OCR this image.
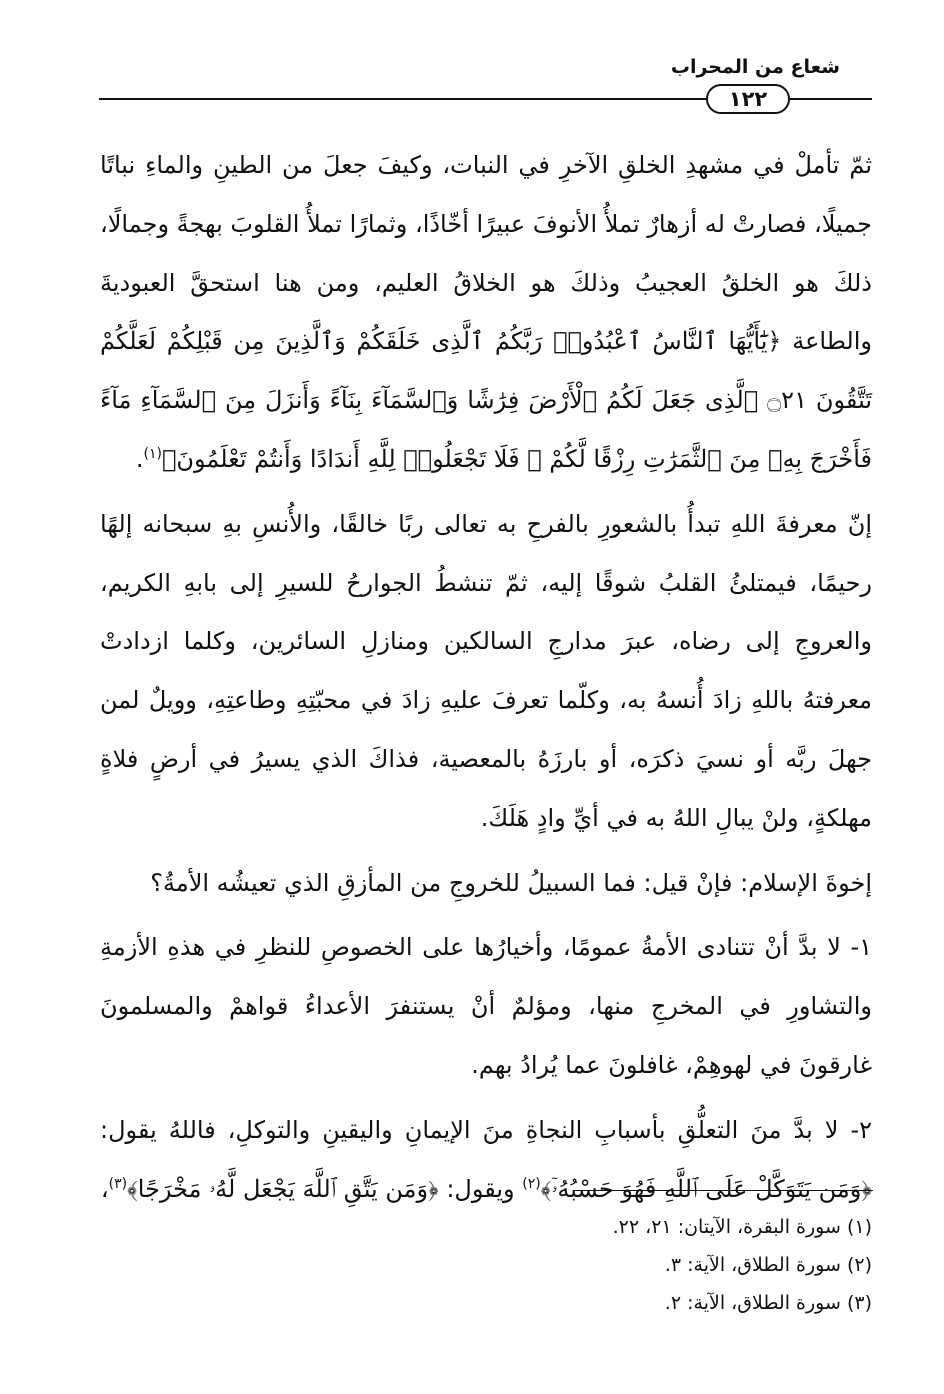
شعاع من المحراب
١٢٢

ثمّ تأملْ في مشهدِ الخلقِ الآخرِ في النبات، وكيفَ جعلَ من الطينِ والماءِ نباتًا جميلًا، فصارتْ له أزهارٌ تملأُ الأنوفَ عبيرًا أخّاذًا، وثمارًا تملأُ القلوبَ بهجةً وجمالًا، ذلكَ هو الخلقُ العجيبُ وذلكَ هو الخلاقُ العليم، ومن هنا استحقَّ العبوديةَ والطاعة ﴿يَٰٓأَيُّهَا ٱلنَّاسُ ٱعْبُدُوا۟ رَبَّكُمُ ٱلَّذِى خَلَقَكُمْ وَٱلَّذِينَ مِن قَبْلِكُمْ لَعَلَّكُمْ تَتَّقُونَ ۝٢١ ٱلَّذِى جَعَلَ لَكُمُ ٱلْأَرْضَ فِرَٰشًا وَٱلسَّمَآءَ بِنَآءً وَأَنزَلَ مِنَ ٱلسَّمَآءِ مَآءً فَأَخْرَجَ بِهِۦ مِنَ ٱلثَّمَرَٰتِ رِزْقًا لَّكُمْ ۖ فَلَا تَجْعَلُوا۟ لِلَّهِ أَندَادًا وَأَنتُمْ تَعْلَمُونَ﴾$^{(١)}$.

إنّ معرفةَ اللهِ تبدأُ بالشعورِ بالفرحِ به تعالى ربًا خالقًا، والأُنسِ بهِ سبحانه إلهًا رحيمًا، فيمتلئُ القلبُ شوقًا إليه، ثمّ تنشطُ الجوارحُ للسيرِ إلى بابهِ الكريم، والعروجِ إلى رضاه، عبرَ مدارجِ السالكين ومنازلِ السائرين، وكلما ازدادتْ معرفتهُ باللهِ زادَ أُنسهُ به، وكلّما تعرفَ عليهِ زادَ في محبّتِهِ وطاعتِهِ، وويلٌ لمن جهلَ ربَّه أو نسيَ ذكرَه، أو بارزَهُ بالمعصية، فذاكَ الذي يسيرُ في أرضٍ فلاةٍ مهلكةٍ، ولنْ يبالِ اللهُ به في أيِّ وادٍ هَلَكَ.

إخوةَ الإسلام: فإنْ قيل: فما السبيلُ للخروجِ من المأزقِ الذي تعيشُه الأمةُ؟

١- لا بدَّ أنْ تتنادى الأمةُ عمومًا، وأخيارُها على الخصوصِ للنظرِ في هذهِ الأزمةِ والتشاورِ في المخرجِ منها، ومؤلمٌ أنْ يستنفرَ الأعداءُ قواهمْ والمسلمونَ غارقونَ في لهوهِمْ، غافلونَ عما يُرادُ بهم.

٢- لا بدَّ منَ التعلُّقِ بأسبابِ النجاةِ منَ الإيمانِ واليقينِ والتوكلِ، فاللهُ يقول: ﴿وَمَن يَتَوَكَّلْ عَلَى ٱللَّهِ فَهُوَ حَسْبُهُۥٓ﴾$^{(٢)}$ ويقول: ﴿وَمَن يَتَّقِ ٱللَّهَ يَجْعَل لَّهُۥ مَخْرَجًا﴾$^{(٣)}$،

(١) سورة البقرة، الآيتان: ٢١، ٢٢.

(٢) سورة الطلاق، الآية: ٣.

(٣) سورة الطلاق، الآية: ٢.
